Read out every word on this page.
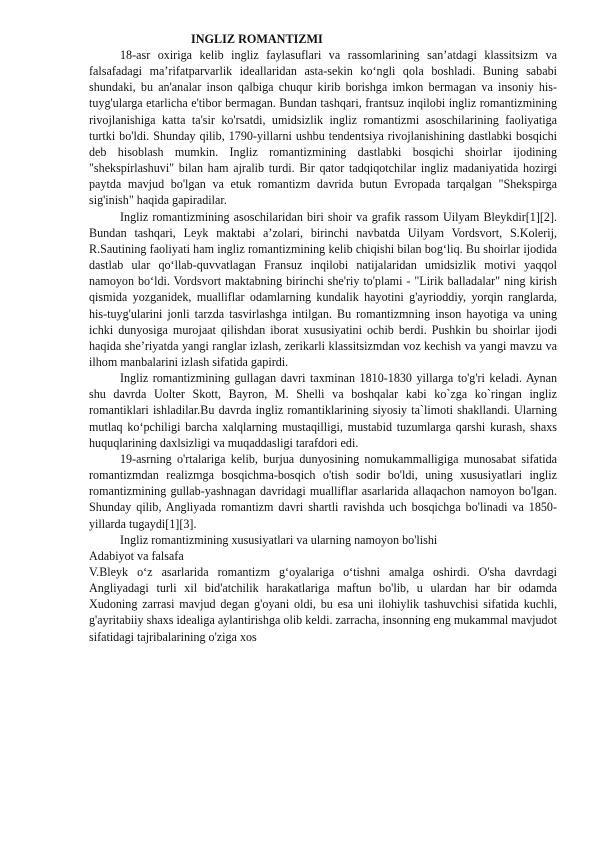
INGLIZ ROMANTIZMI

18-asr oxiriga kelib ingliz faylasuflari va rassomlarining san’atdagi klassitsizm va falsafadagi ma’rifatparvarlik ideallaridan asta-sekin ko‘ngli qola boshladi. Buning sababi shundaki, bu an'analar inson qalbiga chuqur kirib borishga imkon bermagan va insoniy his-tuyg'ularga etarlicha e'tibor bermagan. Bundan tashqari, frantsuz inqilobi ingliz romantizmining rivojlanishiga katta ta'sir ko'rsatdi, umidsizlik ingliz romantizmi asoschilarining faoliyatiga turtki bo'ldi. Shunday qilib, 1790-yillarni ushbu tendentsiya rivojlanishining dastlabki bosqichi deb hisoblash mumkin. Ingliz romantizmining dastlabki bosqichi shoirlar ijodining "shekspirlashuvi" bilan ham ajralib turdi. Bir qator tadqiqotchilar ingliz madaniyatida hozirgi paytda mavjud bo'lgan va etuk romantizm davrida butun Evropada tarqalgan "Shekspirga sig'inish" haqida gapiradilar.

Ingliz romantizmining asoschilaridan biri shoir va grafik rassom Uilyam Bleykdir[1][2]. Bundan tashqari, Leyk maktabi a’zolari, birinchi navbatda Uilyam Vordsvort, S.Kolerij, R.Sautining faoliyati ham ingliz romantizmining kelib chiqishi bilan bog‘liq. Bu shoirlar ijodida dastlab ular qo‘llab-quvvatlagan Fransuz inqilobi natijalaridan umidsizlik motivi yaqqol namoyon bo‘ldi. Vordsvort maktabning birinchi she'riy to'plami - "Lirik balladalar" ning kirish qismida yozganidek, mualliflar odamlarning kundalik hayotini g'ayrioddiy, yorqin ranglarda, his-tuyg'ularini jonli tarzda tasvirlashga intilgan. Bu romantizmning inson hayotiga va uning ichki dunyosiga murojaat qilishdan iborat xususiyatini ochib berdi. Pushkin bu shoirlar ijodi haqida she’riyatda yangi ranglar izlash, zerikarli klassitsizmdan voz kechish va yangi mavzu va ilhom manbalarini izlash sifatida gapirdi.

Ingliz romantizmining gullagan davri taxminan 1810-1830 yillarga to'g'ri keladi. Aynan shu davrda Uolter Skott, Bayron, M. Shelli va boshqalar kabi ko`zga ko`ringan ingliz romantiklari ishladilar.Bu davrda ingliz romantiklarining siyosiy ta`limoti shakllandi. Ularning mutlaq ko‘pchiligi barcha xalqlarning mustaqilligi, mustabid tuzumlarga qarshi kurash, shaxs huquqlarining daxlsizligi va muqaddasligi tarafdori edi.

19-asrning o'rtalariga kelib, burjua dunyosining nomukammalligiga munosabat sifatida romantizmdan realizmga bosqichma-bosqich o'tish sodir bo'ldi, uning xususiyatlari ingliz romantizmining gullab-yashnagan davridagi mualliflar asarlarida allaqachon namoyon bo'lgan. Shunday qilib, Angliyada romantizm davri shartli ravishda uch bosqichga bo'linadi va 1850-yillarda tugaydi[1][3].

Ingliz romantizmining xususiyatlari va ularning namoyon bo'lishi

Adabiyot va falsafa

V.Bleyk o‘z asarlarida romantizm g‘oyalariga o‘tishni amalga oshirdi. O'sha davrdagi Angliyadagi turli xil bid'atchilik harakatlariga maftun bo'lib, u ulardan har bir odamda Xudoning zarrasi mavjud degan g'oyani oldi, bu esa uni ilohiylik tashuvchisi sifatida kuchli, g'ayritabiiy shaxs idealiga aylantirishga olib keldi. zarracha, insonning eng mukammal mavjudot sifatidagi tajribalarining o'ziga xos
